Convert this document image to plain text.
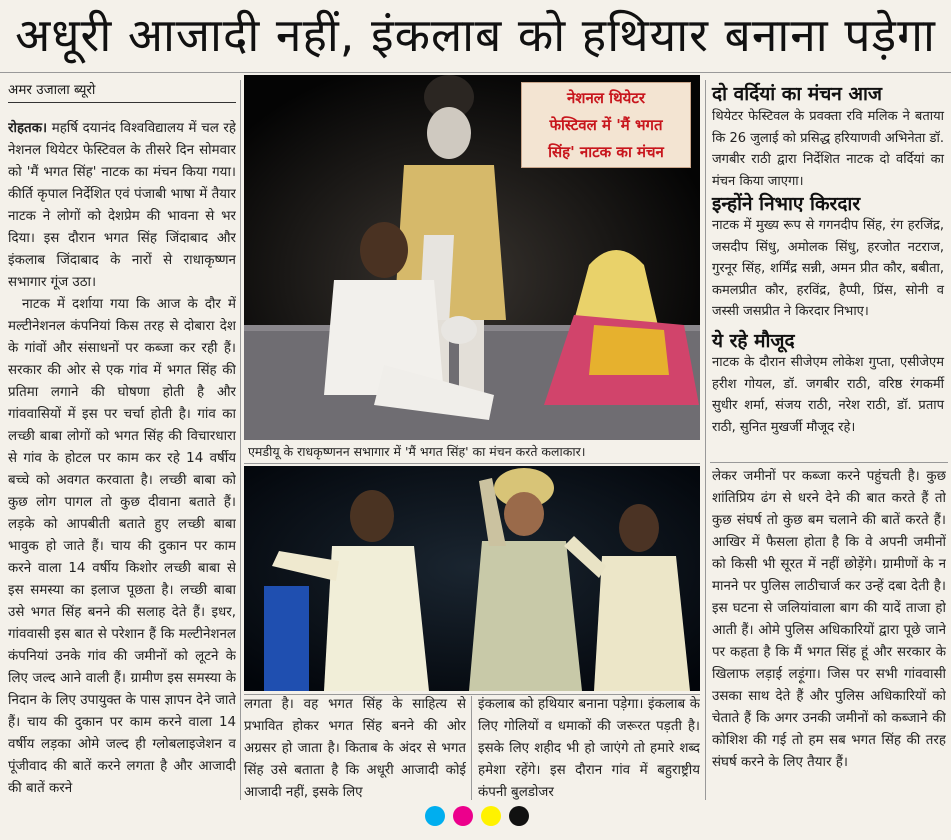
अधूरी आजादी नहीं, इंकलाब को हथियार बनाना पड़ेगा
अमर उजाला ब्यूरो

रोहतक। महर्षि दयानंद विश्वविद्यालय में चल रहे नेशनल थियेटर फेस्टिवल के तीसरे दिन सोमवार को 'मैं भगत सिंह' नाटक का मंचन किया गया। कीर्ति कृपाल निर्देशित एवं पंजाबी भाषा में तैयार नाटक ने लोगों को देशप्रेम की भावना से भर दिया। इस दौरान भगत सिंह जिंदाबाद और इंकलाब जिंदाबाद के नारों से राधाकृष्णन सभागार गूंज उठा।

नाटक में दर्शाया गया कि आज के दौर में मल्टीनेशनल कंपनियां किस तरह से दोबारा देश के गांवों और संसाधनों पर कब्जा कर रही हैं। सरकार की ओर से एक गांव में भगत सिंह की प्रतिमा लगाने की घोषणा होती है और गांववासियों में इस पर चर्चा होती है। गांव का लच्छी बाबा लोगों को भगत सिंह की विचारधारा से गांव के होटल पर काम कर रहे 14 वर्षीय बच्चे को अवगत करवाता है। लच्छी बाबा को कुछ लोग पागल तो कुछ दीवाना बताते हैं। लड़के को आपबीती बताते हुए लच्छी बाबा भावुक हो जाते हैं। चाय की दुकान पर काम करने वाला 14 वर्षीय किशोर लच्छी बाबा से इस समस्या का इलाज पूछता है। लच्छी बाबा उसे भगत सिंह बनने की सलाह देते हैं। इधर, गांववासी इस बात से परेशान हैं कि मल्टीनेशनल कंपनियां उनके गांव की जमीनों को लूटने के लिए जल्द आने वाली हैं। ग्रामीण इस समस्या के निदान के लिए उपायुक्त के पास ज्ञापन देने जाते हैं। चाय की दुकान पर काम करने वाला 14 वर्षीय लड़का ओमे जल्द ही ग्लोबलाइजेशन व पूंजीवाद की बातें करने लगता है और आजादी की बातें करने

नेशनल थियेटर
फेस्टिवल में 'मैं भगत
सिंह' नाटक का मंचन
एमडीयू के राधकृष्णनन सभागार में 'मैं भगत सिंह' का मंचन करते कलाकार।
लगता है। वह भगत सिंह के साहित्य से प्रभावित होकर भगत सिंह बनने की ओर अग्रसर हो जाता है। किताब के अंदर से भगत सिंह उसे बताता है कि अधूरी आजादी कोई आजादी नहीं, इसके लिए
इंकलाब को हथियार बनाना पड़ेगा। इंकलाब के लिए गोलियों व धमाकों की जरूरत पड़ती है। इसके लिए शहीद भी हो जाएंगे तो हमारे शब्द हमेशा रहेंगे। इस दौरान गांव में बहुराष्ट्रीय कंपनी बुलडोजर
दो वर्दियां का मंचन आज
थियेटर फेस्टिवल के प्रवक्ता रवि मलिक ने बताया कि 26 जुलाई को प्रसिद्ध हरियाणवी अभिनेता डॉ. जगबीर राठी द्वारा निर्देशित नाटक दो वर्दियां का मंचन किया जाएगा।
इन्होंने निभाए किरदार
नाटक में मुख्य रूप से गगनदीप सिंह, रंग हरजिंद्र, जसदीप सिंधु, अमोलक सिंधु, हरजोत नटराज, गुरनूर सिंह, शर्मिंद्र सन्नी, अमन प्रीत कौर, बबीता, कमलप्रीत कौर, हरविंद्र, हैप्पी, प्रिंस, सोनी व जस्सी जसप्रीत ने किरदार निभाए।
ये रहे मौजूद
नाटक के दौरान सीजेएम लोकेश गुप्ता, एसीजेएम हरीश गोयल, डॉ. जगबीर राठी, वरिष्ठ रंगकर्मी सुधीर शर्मा, संजय राठी, नरेश राठी, डॉ. प्रताप राठी, सुनित मुखर्जी मौजूद रहे।
लेकर जमीनों पर कब्जा करने पहुंचती है। कुछ शांतिप्रिय ढंग से धरने देने की बात करते हैं तो कुछ संघर्ष तो कुछ बम चलाने की बातें करते हैं। आखिर में फैसला होता है कि वे अपनी जमीनों को किसी भी सूरत में नहीं छोड़ेंगे। ग्रामीणों के न मानने पर पुलिस लाठीचार्ज कर उन्हें दबा देती है। इस घटना से जलियांवाला बाग की यादें ताजा हो आती हैं। ओमे पुलिस अधिकारियों द्वारा पूछे जाने पर कहता है कि मैं भगत सिंह हूं और सरकार के खिलाफ लड़ाई लड़ूंगा। जिस पर सभी गांववासी उसका साथ देते हैं और पुलिस अधिकारियों को चेताते हैं कि अगर उनकी जमीनों को कब्जाने की कोशिश की गई तो हम सब भगत सिंह की तरह संघर्ष करने के लिए तैयार हैं।
